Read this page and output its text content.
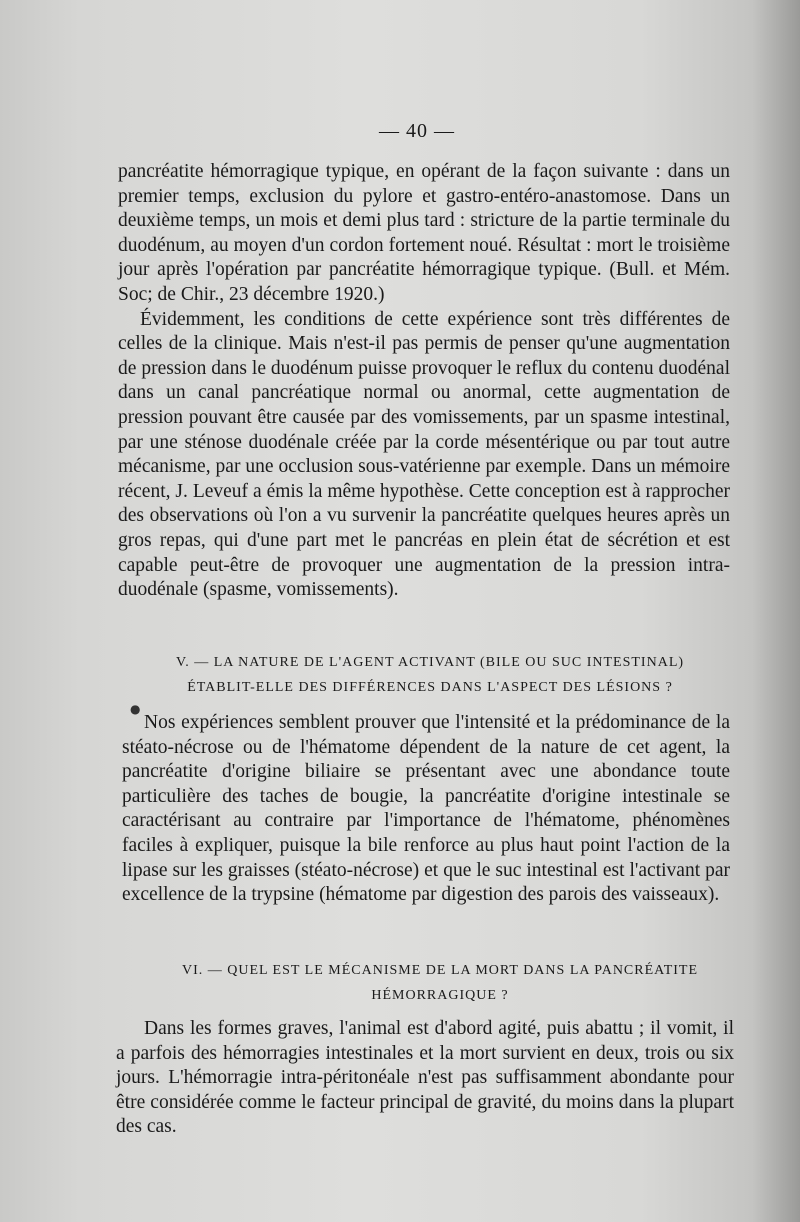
— 40 —
pancréatite hémorragique typique, en opérant de la façon suivante : dans un premier temps, exclusion du pylore et gastro-entéro-anastomose. Dans un deuxième temps, un mois et demi plus tard : stricture de la partie terminale du duodénum, au moyen d'un cordon fortement noué. Résultat : mort le troisième jour après l'opération par pancréatite hémorragique typique. (Bull. et Mém. Soc; de Chir., 23 décembre 1920.)
Évidemment, les conditions de cette expérience sont très différentes de celles de la clinique. Mais n'est-il pas permis de penser qu'une augmentation de pression dans le duodénum puisse provoquer le reflux du contenu duodénal dans un canal pancréatique normal ou anormal, cette augmentation de pression pouvant être causée par des vomissements, par un spasme intestinal, par une sténose duodénale créée par la corde mésentérique ou par tout autre mécanisme, par une occlusion sous-vatérienne par exemple. Dans un mémoire récent, J. Leveuf a émis la même hypothèse. Cette conception est à rapprocher des observations où l'on a vu survenir la pancréatite quelques heures après un gros repas, qui d'une part met le pancréas en plein état de sécrétion et est capable peut-être de provoquer une augmentation de la pression intra-duodénale (spasme, vomissements).
V. — LA NATURE DE L'AGENT ACTIVANT (BILE OU SUC INTESTINAL) ÉTABLIT-ELLE DES DIFFÉRENCES DANS L'ASPECT DES LÉSIONS ?
●
Nos expériences semblent prouver que l'intensité et la prédominance de la stéato-nécrose ou de l'hématome dépendent de la nature de cet agent, la pancréatite d'origine biliaire se présentant avec une abondance toute particulière des taches de bougie, la pancréatite d'origine intestinale se caractérisant au contraire par l'importance de l'hématome, phénomènes faciles à expliquer, puisque la bile renforce au plus haut point l'action de la lipase sur les graisses (stéato-nécrose) et que le suc intestinal est l'activant par excellence de la trypsine (hématome par digestion des parois des vaisseaux).
VI. — QUEL EST LE MÉCANISME DE LA MORT DANS LA PANCRÉATITE HÉMORRAGIQUE ?
Dans les formes graves, l'animal est d'abord agité, puis abattu ; il vomit, il a parfois des hémorragies intestinales et la mort survient en deux, trois ou six jours. L'hémorragie intra-péritonéale n'est pas suffisamment abondante pour être considérée comme le facteur principal de gravité, du moins dans la plupart des cas.
